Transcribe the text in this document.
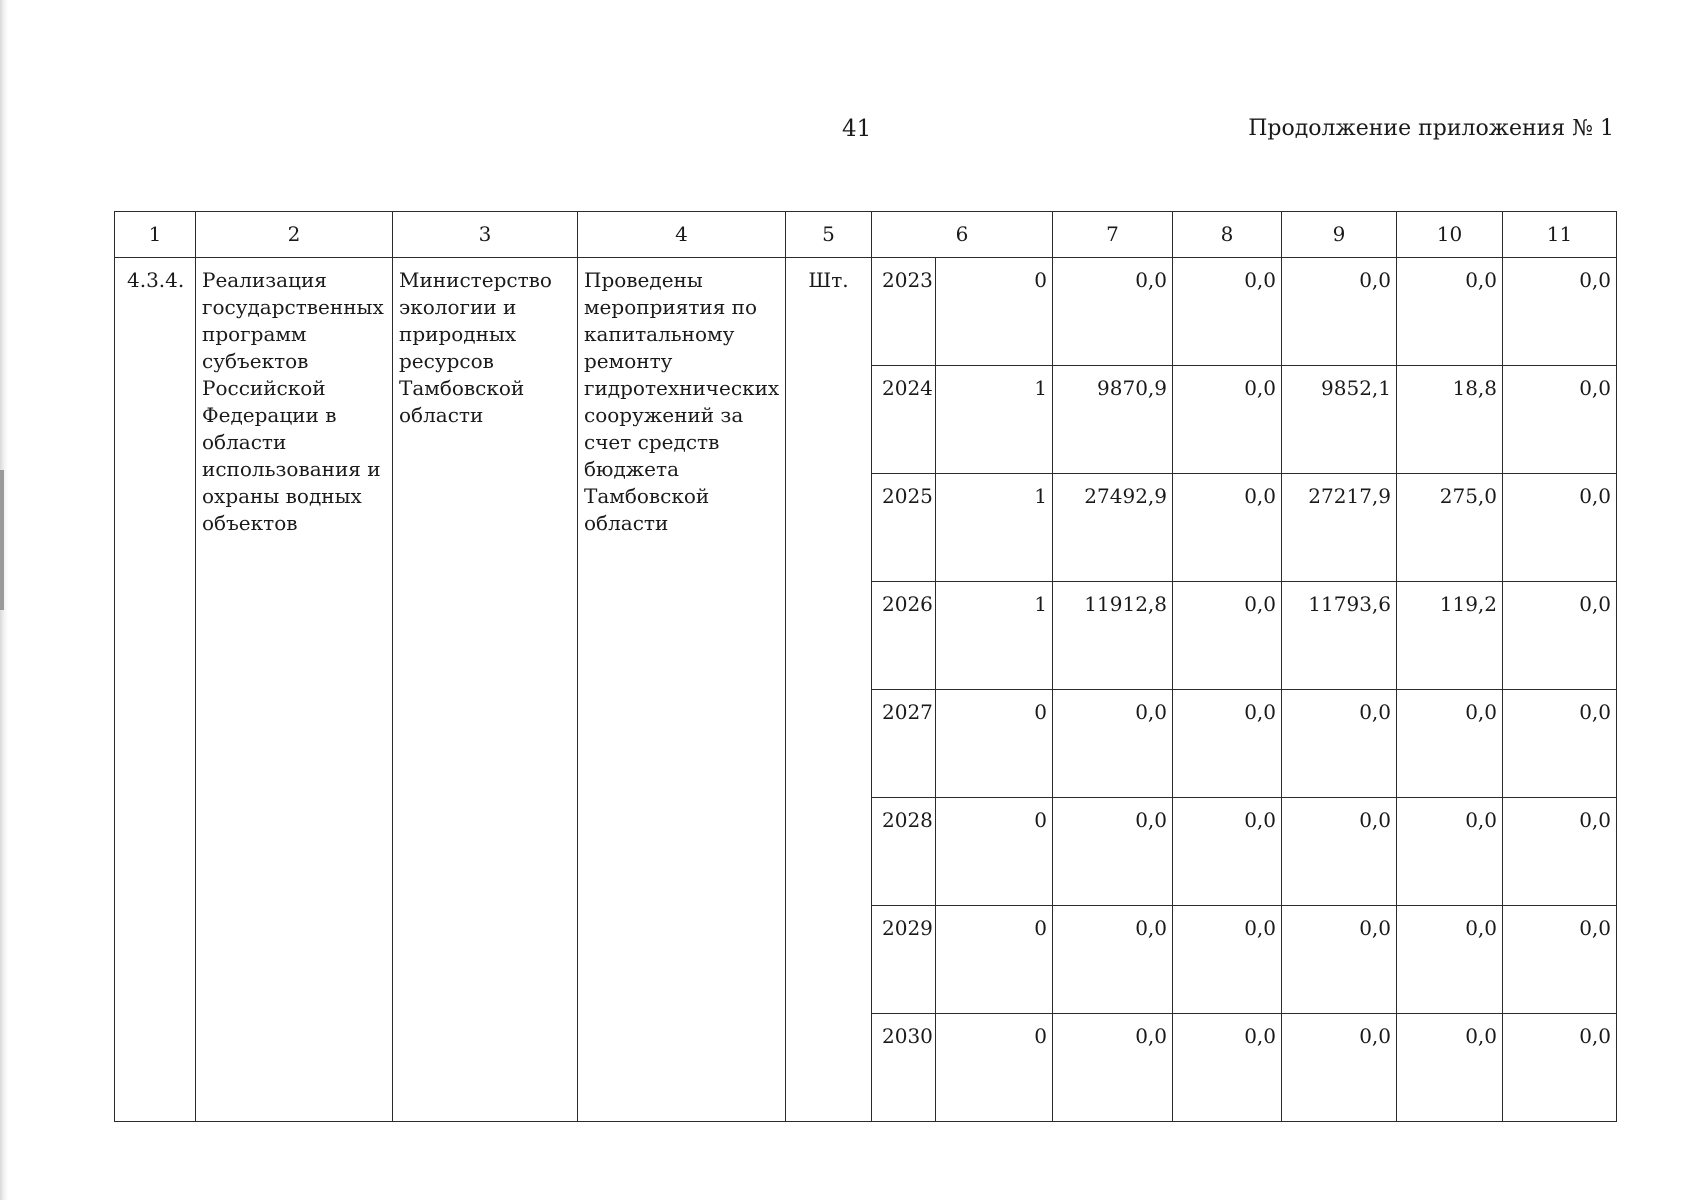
41	Продолжение приложения № 1
1	2	3	4	5	6		7	8	9	10	11
4.3.4.	Реализация государственных программ субъектов Российской Федерации в области использования и охраны водных объектов	Министерство экологии и природных ресурсов Тамбовской области	Проведены мероприятия по капитальному ремонту гидротехнических сооружений за счет средств бюджета Тамбовской области	Шт.	2023	0	0,0	0,0	0,0	0,0	0,0
					2024	1	9870,9	0,0	9852,1	18,8	0,0
					2025	1	27492,9	0,0	27217,9	275,0	0,0
					2026	1	11912,8	0,0	11793,6	119,2	0,0
					2027	0	0,0	0,0	0,0	0,0	0,0
					2028	0	0,0	0,0	0,0	0,0	0,0
					2029	0	0,0	0,0	0,0	0,0	0,0
					2030	0	0,0	0,0	0,0	0,0	0,0
